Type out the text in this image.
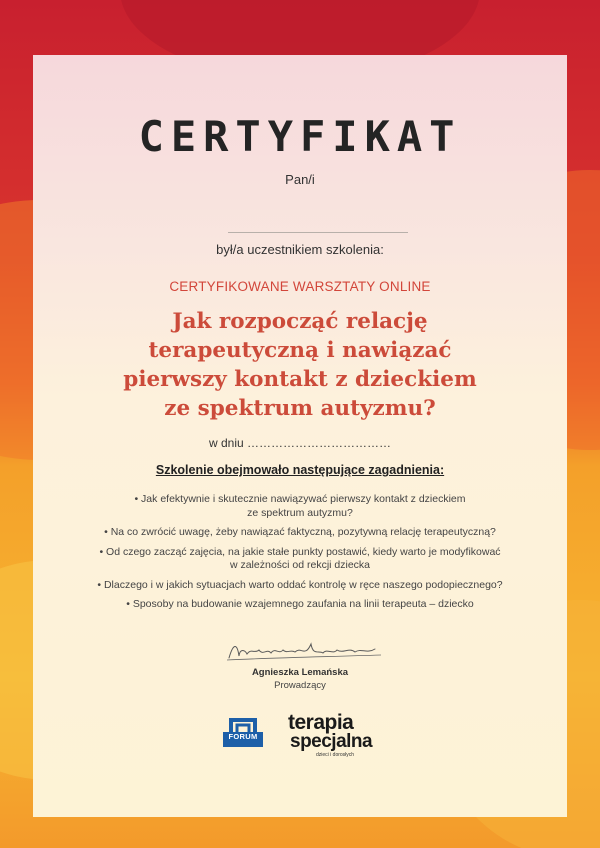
CERTYFIKAT
Pan/i
był/a uczestnikiem szkolenia:
CERTYFIKOWANE WARSZTATY ONLINE
Jak rozpocząć relację
terapeutyczną i nawiązać
pierwszy kontakt z dzieckiem
ze spektrum autyzmu?
w dniu ………………………………
Szkolenie obejmowało następujące zagadnienia:
• Jak efektywnie i skutecznie nawiązywać pierwszy kontakt z dzieckiem
ze spektrum autyzmu?
• Na co zwrócić uwagę, żeby nawiązać faktyczną, pozytywną relację terapeutyczną?
• Od czego zacząć zajęcia, na jakie stałe punkty postawić, kiedy warto je modyfikować
w zależności od rekcji dziecka
• Dlaczego i w jakich sytuacjach warto oddać kontrolę w ręce naszego podopiecznego?
• Sposoby na budowanie wzajemnego zaufania na linii terapeuta – dziecko
Agnieszka Lemańska
Prowadzący
FORUM
terapia
specjalna
dzieci i dorosłych
